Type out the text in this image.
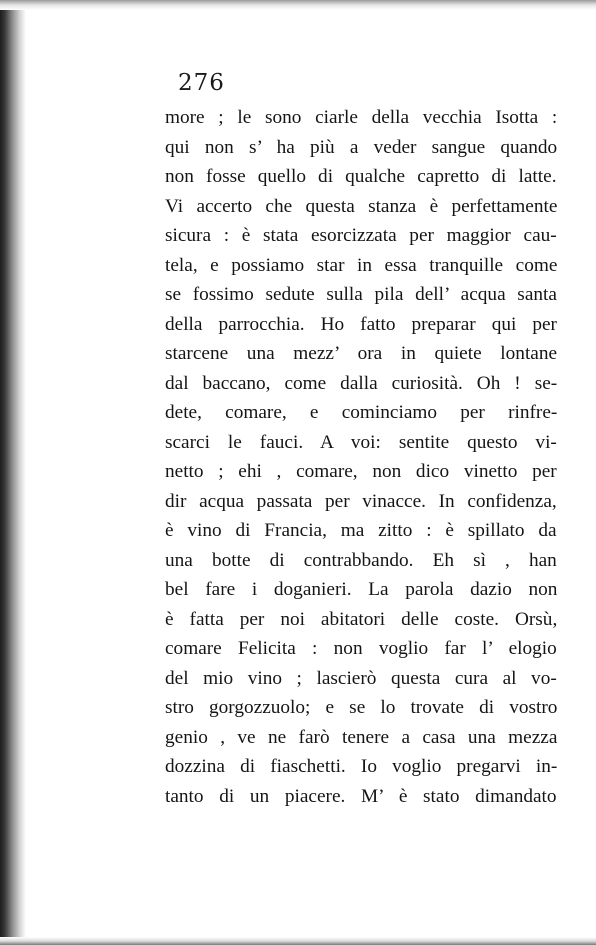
276
more ; le sono ciarle della vecchia Isotta :
qui non s’ ha più a veder sangue quando
non fosse quello di qualche capretto di latte.
Vi accerto che questa stanza è perfettamente
sicura : è stata esorcizzata per maggior cau-
tela, e possiamo star in essa tranquille come
se fossimo sedute sulla pila dell’ acqua santa
della parrocchia. Ho fatto preparar qui per
starcene una mezz’ ora in quiete lontane
dal baccano, come dalla curiosità. Oh ! se-
dete, comare, e cominciamo per rinfre-
scarci le fauci. A voi: sentite questo vi-
netto ; ehi , comare, non dico vinetto per
dir acqua passata per vinacce. In confidenza,
è vino di Francia, ma zitto : è spillato da
una botte di contrabbando. Eh sì , han
bel fare i doganieri. La parola dazio non
è fatta per noi abitatori delle coste. Orsù,
comare Felicita : non voglio far l’ elogio
del mio vino ; lascierò questa cura al vo-
stro gorgozzuolo; e se lo trovate di vostro
genio , ve ne farò tenere a casa una mezza
dozzina di fiaschetti. Io voglio pregarvi in-
tanto di un piacere. M’ è stato dimandato
